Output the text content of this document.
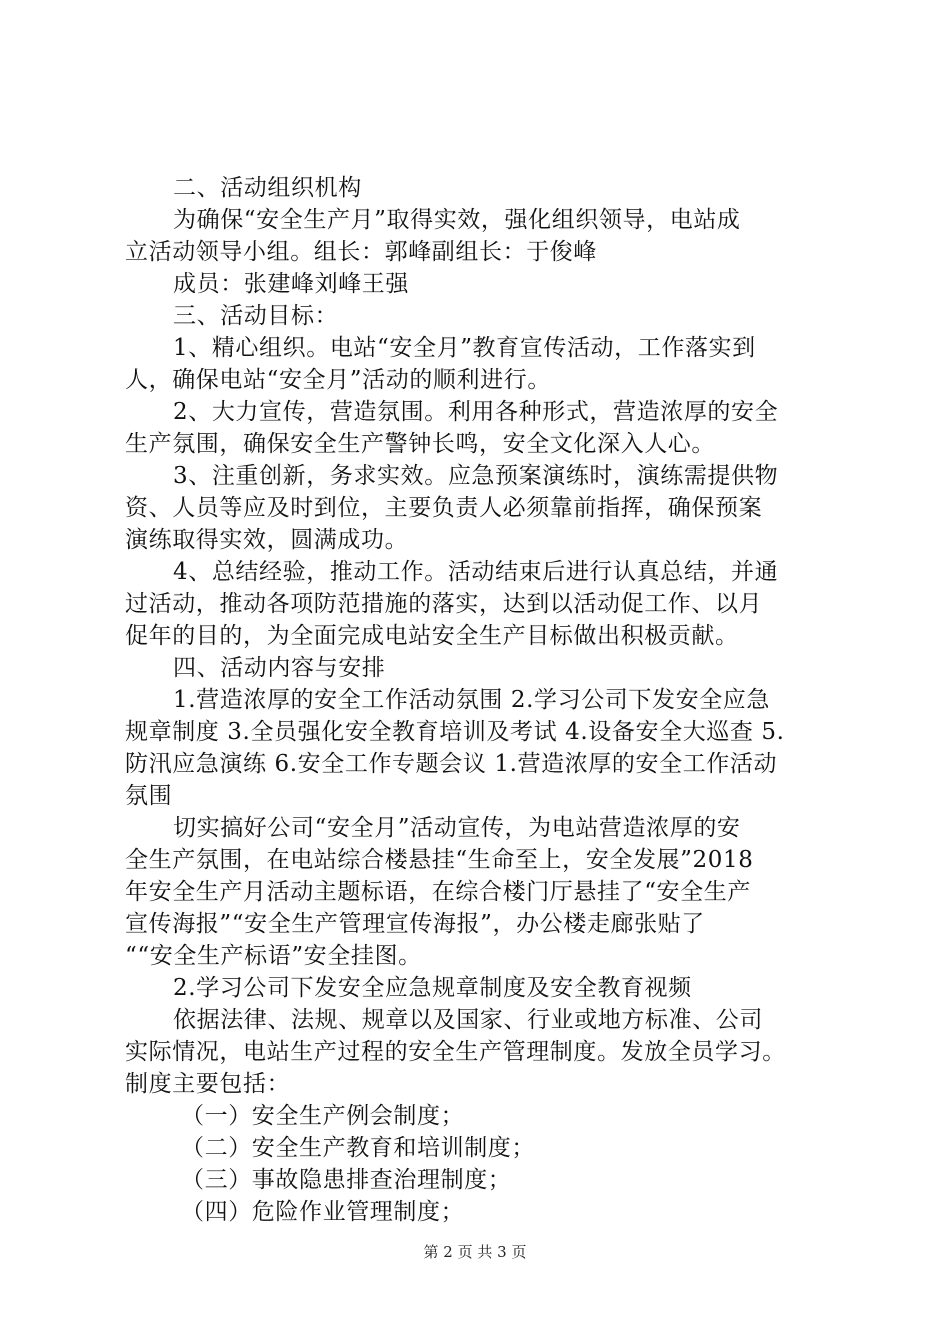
二、活动组织机构
为确保“安全生产月”取得实效，强化组织领导，电站成
立活动领导小组。组长：郭峰副组长：于俊峰
成员：张建峰刘峰王强
三、活动目标：
1、精心组织。电站“安全月”教育宣传活动，工作落实到
人，确保电站“安全月”活动的顺利进行。
2、大力宣传，营造氛围。利用各种形式，营造浓厚的安全
生产氛围，确保安全生产警钟长鸣，安全文化深入人心。
3、注重创新，务求实效。应急预案演练时，演练需提供物
资、人员等应及时到位，主要负责人必须靠前指挥，确保预案
演练取得实效，圆满成功。
4、总结经验，推动工作。活动结束后进行认真总结，并通
过活动，推动各项防范措施的落实，达到以活动促工作、以月
促年的目的，为全面完成电站安全生产目标做出积极贡献。
四、活动内容与安排
1.营造浓厚的安全工作活动氛围 2.学习公司下发安全应急
规章制度 3.全员强化安全教育培训及考试 4.设备安全大巡查 5.
防汛应急演练 6.安全工作专题会议 1.营造浓厚的安全工作活动
氛围
切实搞好公司“安全月”活动宣传，为电站营造浓厚的安
全生产氛围，在电站综合楼悬挂“生命至上，安全发展”2018
年安全生产月活动主题标语，在综合楼门厅悬挂了“安全生产
宣传海报”“安全生产管理宣传海报”，办公楼走廊张贴了
““安全生产标语”安全挂图。
2.学习公司下发安全应急规章制度及安全教育视频
依据法律、法规、规章以及国家、行业或地方标准、公司
实际情况，电站生产过程的安全生产管理制度。发放全员学习。
制度主要包括：
（一）安全生产例会制度；
（二）安全生产教育和培训制度；
（三）事故隐患排查治理制度；
（四）危险作业管理制度；
第 2 页 共 3 页
